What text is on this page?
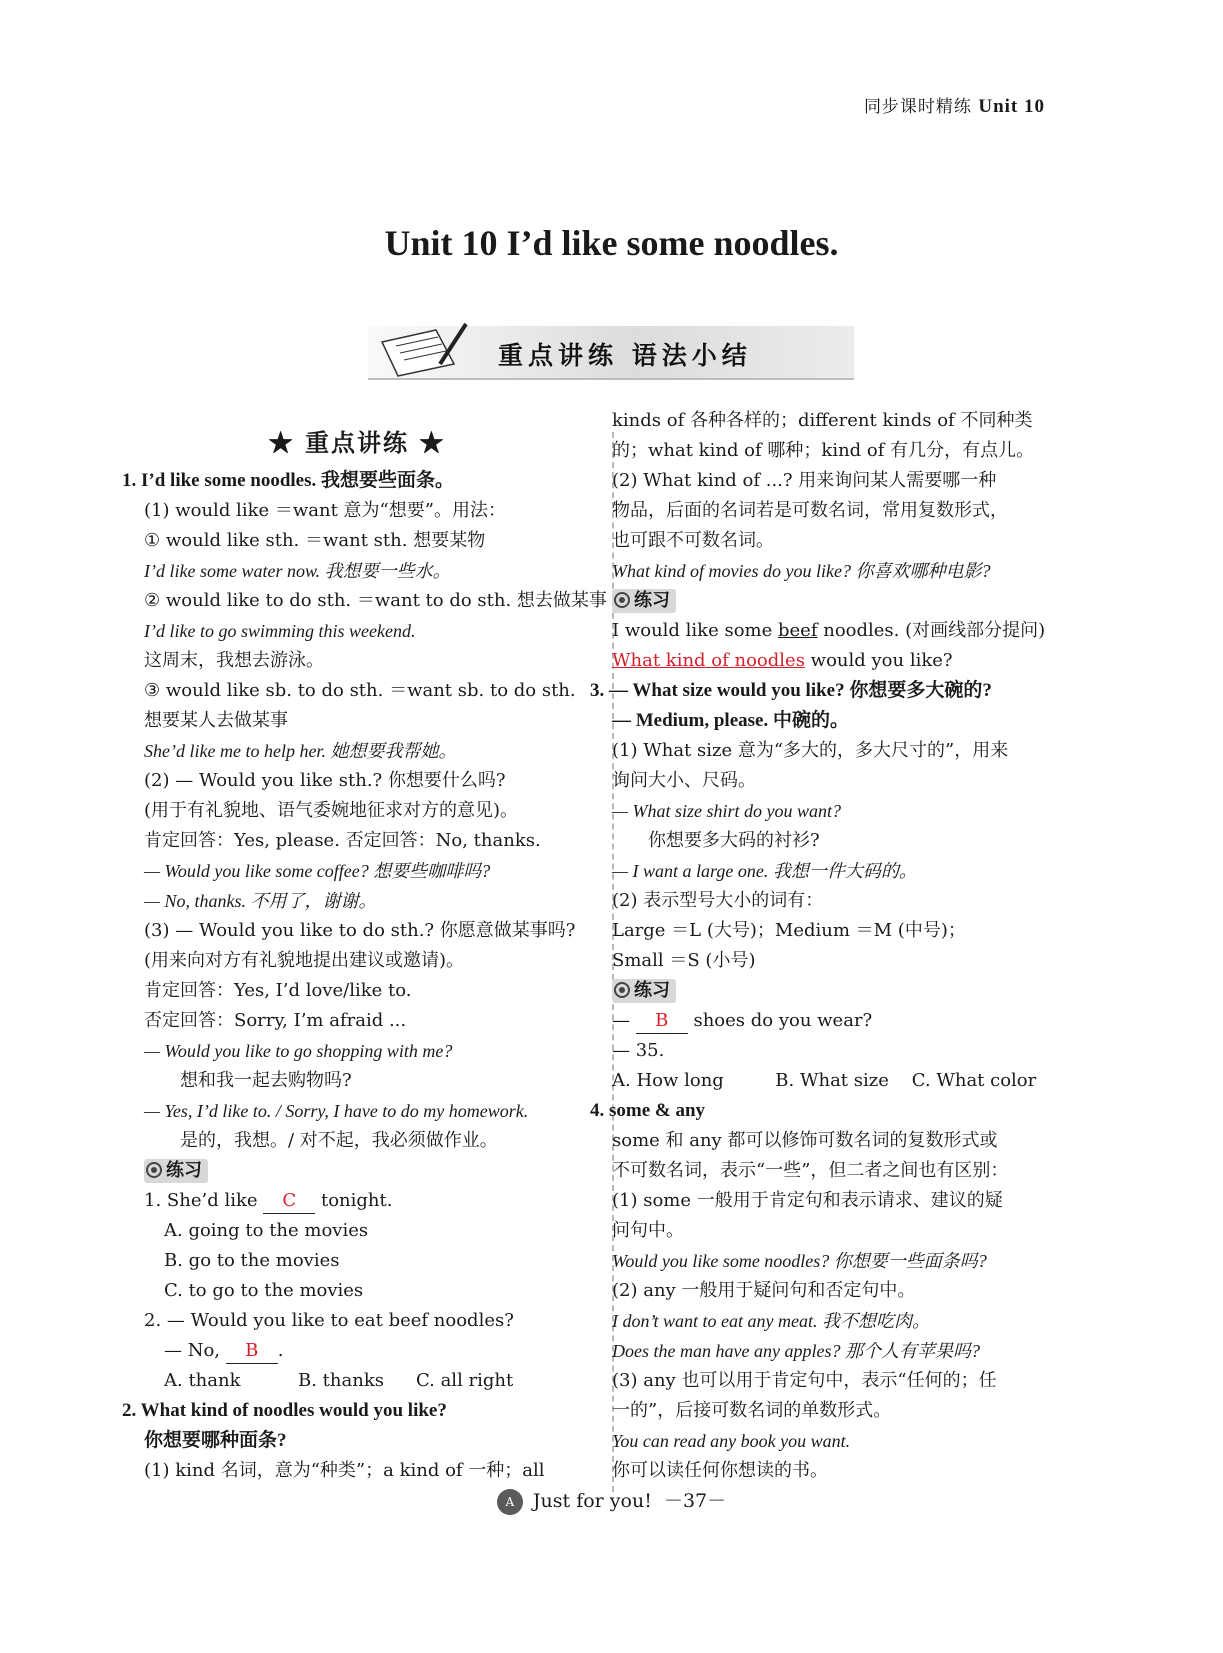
同步课时精练 Unit 10
Unit 10 I’d like some noodles.
重点讲练 语法小结
★ 重点讲练 ★
1. I’d like some noodles. 我想要些面条。
(1) would like ＝want 意为“想要”。用法：
① would like sth. ＝want sth. 想要某物
I’d like some water now. 我想要一些水。
② would like to do sth. ＝want to do sth. 想去做某事
I’d like to go swimming this weekend.
这周末，我想去游泳。
③ would like sb. to do sth. ＝want sb. to do sth.
想要某人去做某事
She’d like me to help her. 她想要我帮她。
(2) — Would you like sth.? 你想要什么吗?
(用于有礼貌地、语气委婉地征求对方的意见)。
肯定回答：Yes, please. 否定回答：No, thanks.
— Would you like some coffee? 想要些咖啡吗?
— No, thanks. 不用了，谢谢。
(3) — Would you like to do sth.? 你愿意做某事吗?
(用来向对方有礼貌地提出建议或邀请)。
肯定回答：Yes, I’d love/like to.
否定回答：Sorry, I’m afraid ...
— Would you like to go shopping with me?
想和我一起去购物吗?
— Yes, I’d like to. / Sorry, I have to do my homework.
是的，我想。/ 对不起，我必须做作业。
练习
1. She’d like C tonight.
A. going to the movies
B. go to the movies
C. to go to the movies
2. — Would you like to eat beef noodles?
— No, B .
A. thank	B. thanks C. all right
2. What kind of noodles would you like?
你想要哪种面条?
(1) kind 名词，意为“种类”；a kind of 一种；all
kinds of 各种各样的；different kinds of 不同种类
的；what kind of 哪种；kind of 有几分，有点儿。
(2) What kind of ...? 用来询问某人需要哪一种
物品，后面的名词若是可数名词，常用复数形式，
也可跟不可数名词。
What kind of movies do you like? 你喜欢哪种电影?
练习
I would like some beef noodles. (对画线部分提问)
What kind of noodles would you like?
3. — What size would you like? 你想要多大碗的?
— Medium, please. 中碗的。
(1) What size 意为“多大的，多大尺寸的”，用来
询问大小、尺码。
— What size shirt do you want?
你想要多大码的衬衫?
— I want a large one. 我想一件大码的。
(2) 表示型号大小的词有：
Large ＝L (大号)；Medium ＝M (中号)；
Small ＝S (小号)
练习
— B shoes do you wear?
— 35.
A. How long         B. What size    C. What color
4. some & any
some 和 any 都可以修饰可数名词的复数形式或
不可数名词，表示“一些”，但二者之间也有区别：
(1) some 一般用于肯定句和表示请求、建议的疑
问句中。
Would you like some noodles? 你想要一些面条吗?
(2) any 一般用于疑问句和否定句中。
I don’t want to eat any meat. 我不想吃肉。
Does the man have any apples? 那个人有苹果吗?
(3) any 也可以用于肯定句中，表示“任何的；任
一的”，后接可数名词的单数形式。
You can read any book you want.
你可以读任何你想读的书。
A Just for you! －37－
